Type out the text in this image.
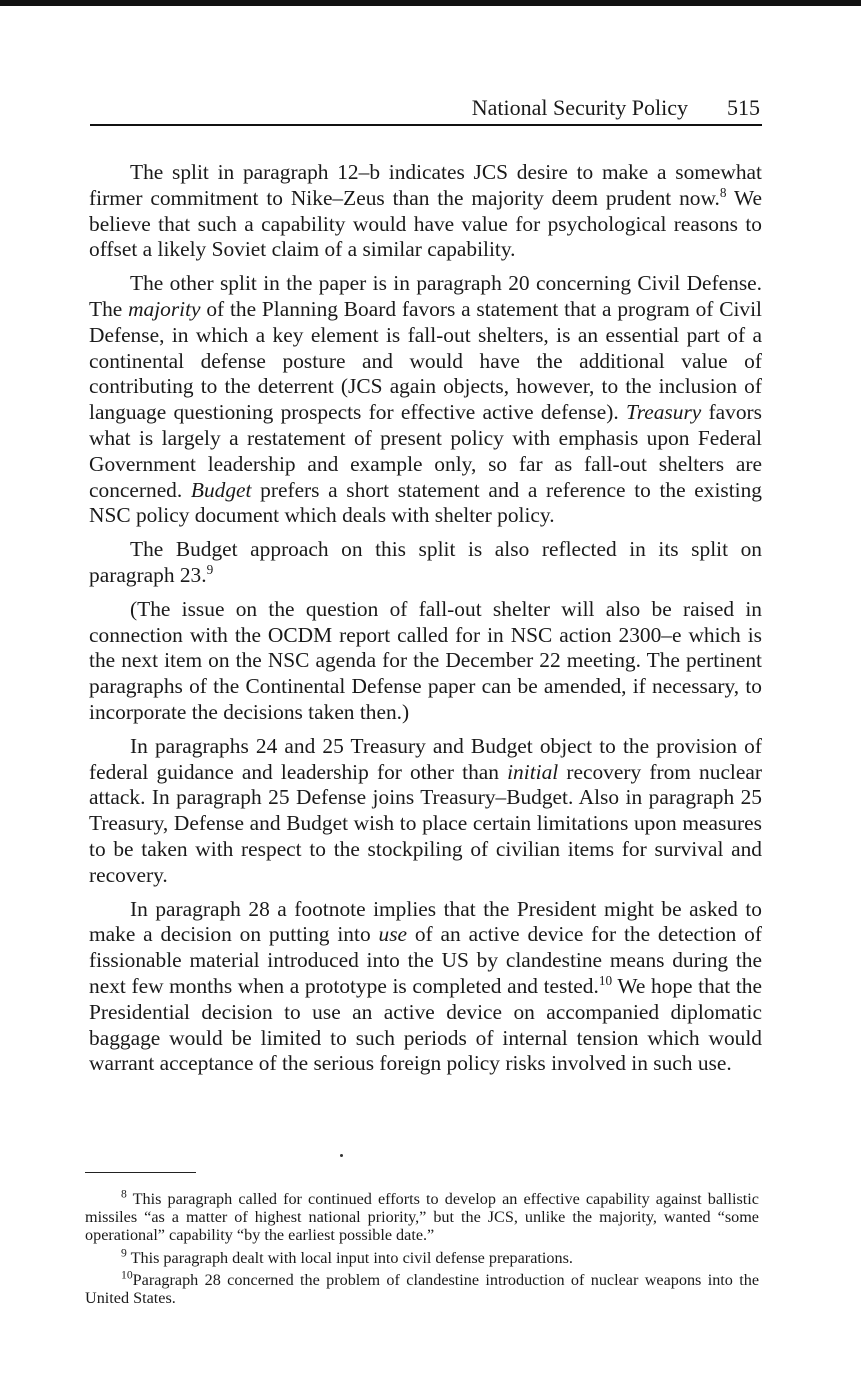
National Security Policy 515

The split in paragraph 12–b indicates JCS desire to make a somewhat firmer commitment to Nike–Zeus than the majority deem prudent now.$^8$ We believe that such a capability would have value for psychological reasons to offset a likely Soviet claim of a similar capability.

The other split in the paper is in paragraph 20 concerning Civil Defense. The majority of the Planning Board favors a statement that a program of Civil Defense, in which a key element is fall-out shelters, is an essential part of a continental defense posture and would have the additional value of contributing to the deterrent (JCS again objects, however, to the inclusion of language questioning prospects for effective active defense). Treasury favors what is largely a restatement of present policy with emphasis upon Federal Government leadership and example only, so far as fall-out shelters are concerned. Budget prefers a short statement and a reference to the existing NSC policy document which deals with shelter policy.

The Budget approach on this split is also reflected in its split on paragraph 23.$^9$

(The issue on the question of fall-out shelter will also be raised in connection with the OCDM report called for in NSC action 2300–e which is the next item on the NSC agenda for the December 22 meeting. The pertinent paragraphs of the Continental Defense paper can be amended, if necessary, to incorporate the decisions taken then.)

In paragraphs 24 and 25 Treasury and Budget object to the provision of federal guidance and leadership for other than initial recovery from nuclear attack. In paragraph 25 Defense joins Treasury–Budget. Also in paragraph 25 Treasury, Defense and Budget wish to place certain limitations upon measures to be taken with respect to the stockpiling of civilian items for survival and recovery.

In paragraph 28 a footnote implies that the President might be asked to make a decision on putting into use of an active device for the detection of fissionable material introduced into the US by clandestine means during the next few months when a prototype is completed and tested.$^{10}$ We hope that the Presidential decision to use an active device on accompanied diplomatic baggage would be limited to such periods of internal tension which would warrant acceptance of the serious foreign policy risks involved in such use.

$^8$ This paragraph called for continued efforts to develop an effective capability against ballistic missiles “as a matter of highest national priority,” but the JCS, unlike the majority, wanted “some operational” capability “by the earliest possible date.”

$^9$ This paragraph dealt with local input into civil defense preparations.

$^{10}$Paragraph 28 concerned the problem of clandestine introduction of nuclear weapons into the United States.
